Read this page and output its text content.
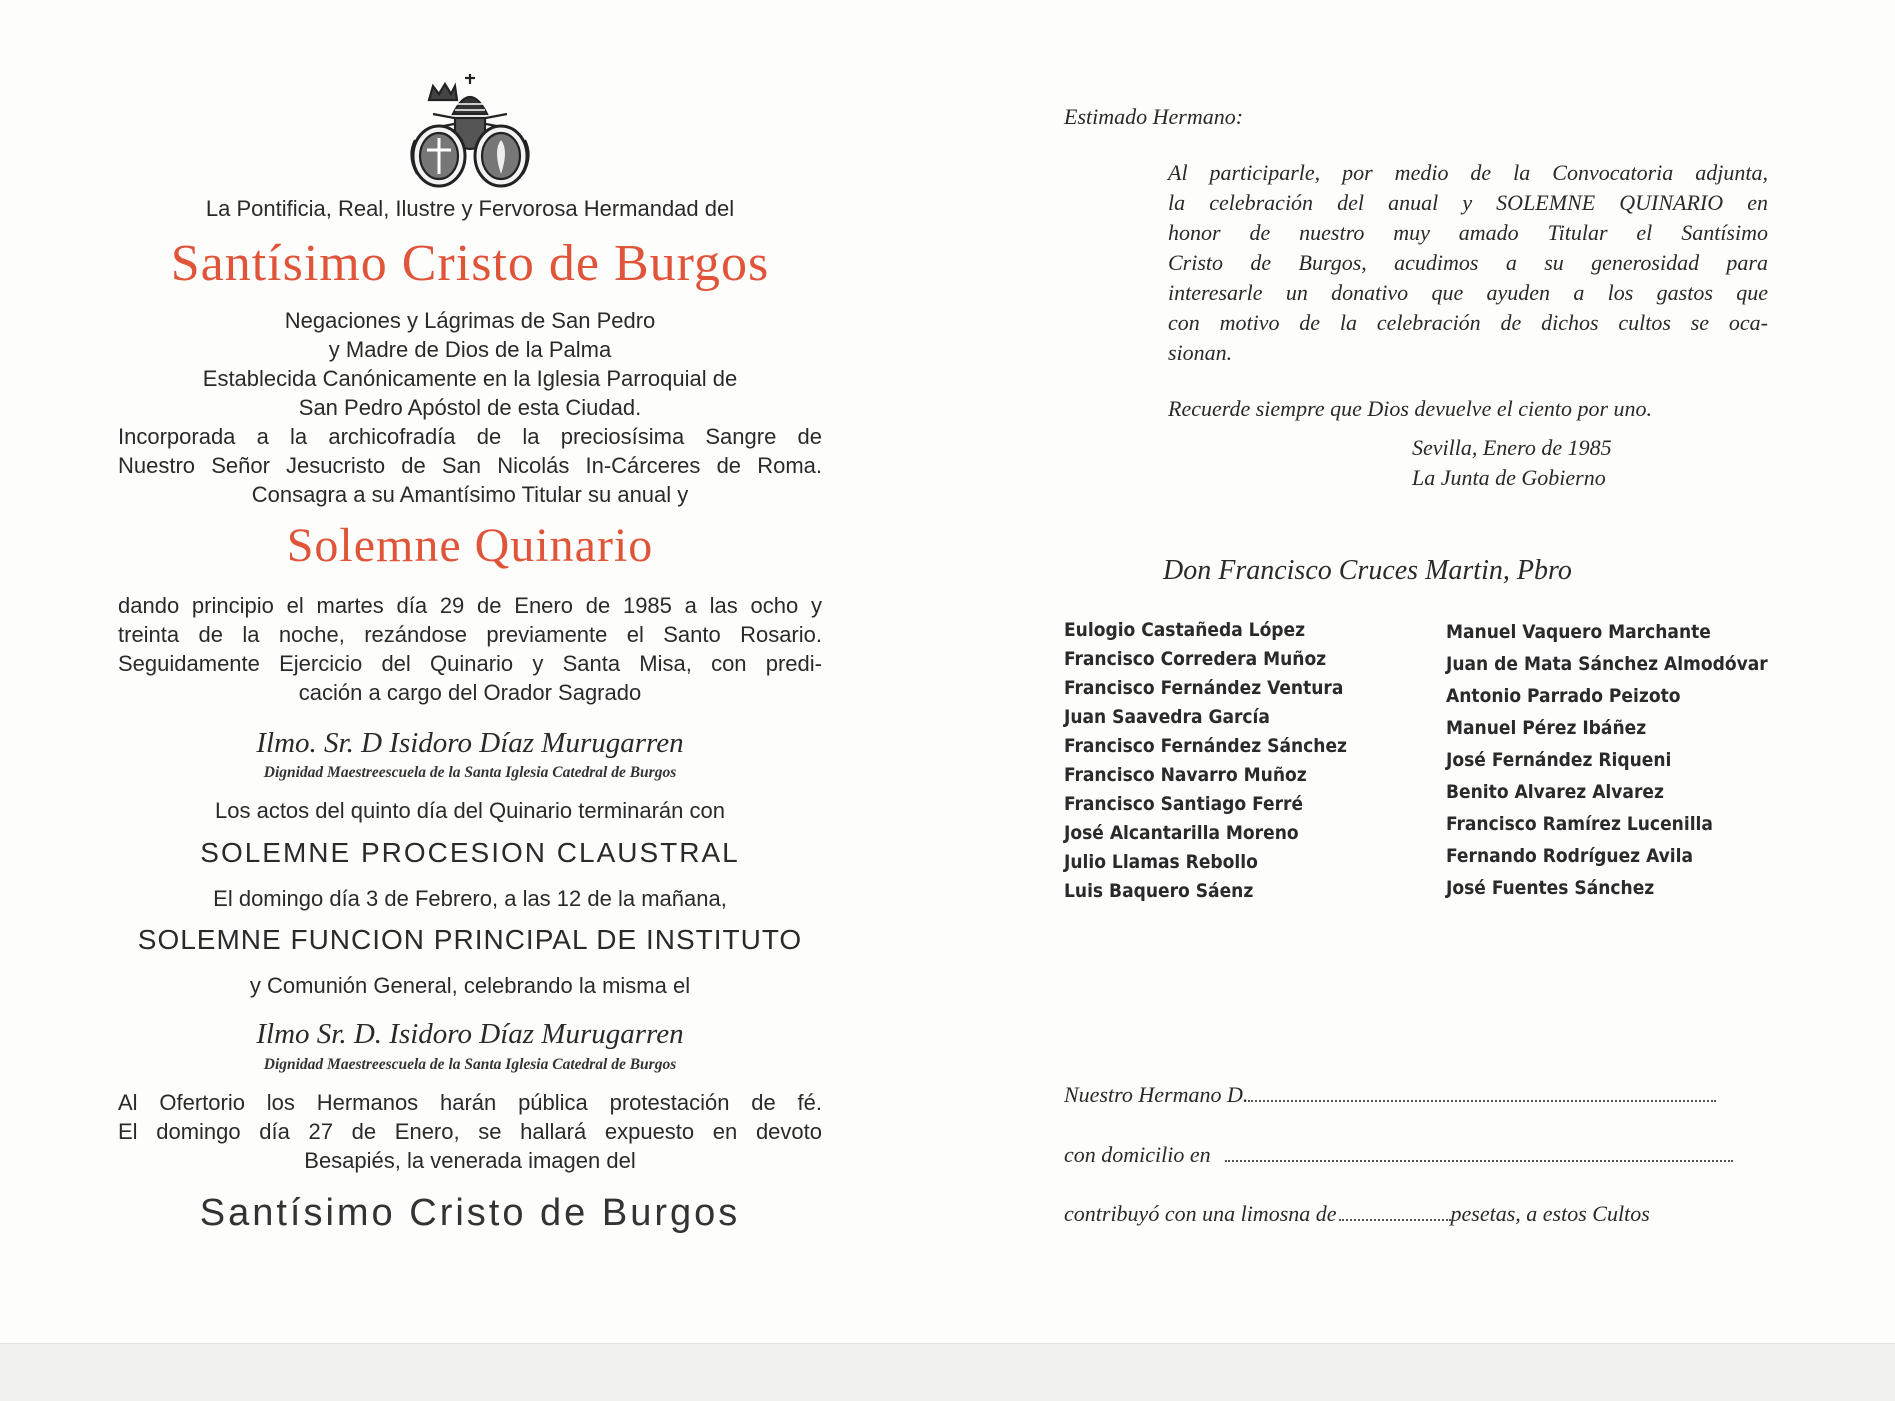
La Pontificia, Real, Ilustre y Fervorosa Hermandad del
Santísimo Cristo de Burgos
Negaciones y Lágrimas de San Pedro
y Madre de Dios de la Palma
Establecida Canónicamente en la Iglesia Parroquial de
San Pedro Apóstol de esta Ciudad.
Incorporada a la archicofradía de la preciosísima Sangre de
Nuestro Señor Jesucristo de San Nicolás In-Cárceres de Roma.
Consagra a su Amantísimo Titular su anual y
Solemne Quinario
dando principio el martes día 29 de Enero de 1985 a las ocho y
treinta de la noche, rezándose previamente el Santo Rosario.
Seguidamente Ejercicio del Quinario y Santa Misa, con predi-
cación a cargo del Orador Sagrado
Ilmo. Sr. D Isidoro Díaz Murugarren
Dignidad Maestreescuela de la Santa Iglesia Catedral de Burgos
Los actos del quinto día del Quinario terminarán con
SOLEMNE PROCESION CLAUSTRAL
El domingo día 3 de Febrero, a las 12 de la mañana,
SOLEMNE FUNCION PRINCIPAL DE INSTITUTO
y Comunión General, celebrando la misma el
Ilmo Sr. D. Isidoro Díaz Murugarren
Dignidad Maestreescuela de la Santa Iglesia Catedral de Burgos
Al Ofertorio los Hermanos harán pública protestación de fé.
El domingo día 27 de Enero, se hallará expuesto en devoto
Besapiés, la venerada imagen del
Santísimo Cristo de Burgos
Estimado Hermano:
Al participarle, por medio de la Convocatoria adjunta,
la celebración del anual y SOLEMNE QUINARIO en
honor de nuestro muy amado Titular el Santísimo
Cristo de Burgos, acudimos a su generosidad para
interesarle un donativo que ayuden a los gastos que
con motivo de la celebración de dichos cultos se oca-
sionan.
Recuerde siempre que Dios devuelve el ciento por uno.
Sevilla, Enero de 1985
La Junta de Gobierno
Don Francisco Cruces Martin, Pbro
Eulogio Castañeda López
Francisco Corredera Muñoz
Francisco Fernández Ventura
Juan Saavedra García
Francisco Fernández Sánchez
Francisco Navarro Muñoz
Francisco Santiago Ferré
José Alcantarilla Moreno
Julio Llamas Rebollo
Luis Baquero Sáenz
Manuel Vaquero Marchante
Juan de Mata Sánchez Almodóvar
Antonio Parrado Peizoto
Manuel Pérez Ibáñez
José Fernández Riqueni
Benito Alvarez Alvarez
Francisco Ramírez Lucenilla
Fernando Rodríguez Avila
José Fuentes Sánchez
Nuestro Hermano D.
con domicilio en
contribuyó con una limosna de	pesetas, a estos Cultos
